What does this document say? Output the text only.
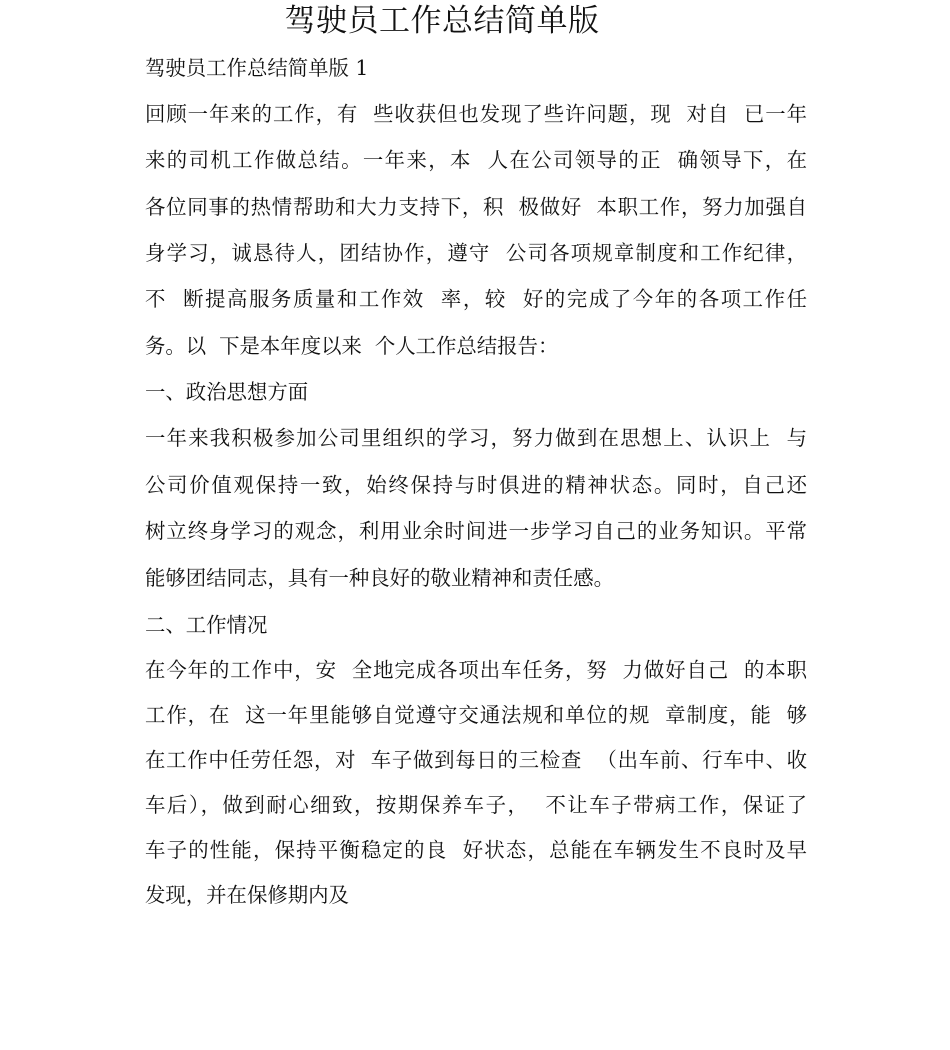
驾驶员工作总结简单版
驾驶员工作总结简单版 1
回顾一年来的工作，有  些收获但也发现了些许问题，现  对自  已一年
来的司机工作做总结。一年来，本  人在公司领导的正  确领导下，在
各位同事的热情帮助和大力支持下，积  极做好  本职工作，努力加强自
身学习，诚恳待人，团结协作，遵守  公司各项规章制度和工作纪律，
不  断提高服务质量和工作效  率，较  好的完成了今年的各项工作任
务。以  下是本年度以来  个人工作总结报告：
一、政治思想方面
一年来我积极参加公司里组织的学习，努力做到在思想上、认识上  与
公司价值观保持一致，始终保持与时俱进的精神状态。同时，自己还
树立终身学习的观念，利用业余时间进一步学习自己的业务知识。平常
能够团结同志，具有一种良好的敬业精神和责任感。
二、工作情况
在今年的工作中，安  全地完成各项出车任务，努  力做好自己  的本职
工作，在  这一年里能够自觉遵守交通法规和单位的规  章制度，能  够
在工作中任劳任怨，对  车子做到每日的三检查  （出车前、行车中、收
车后），做到耐心细致，按期保养车子，  不让车子带病工作，保证了
车子的性能，保持平衡稳定的良  好状态，总能在车辆发生不良时及早
发现，并在保修期内及
